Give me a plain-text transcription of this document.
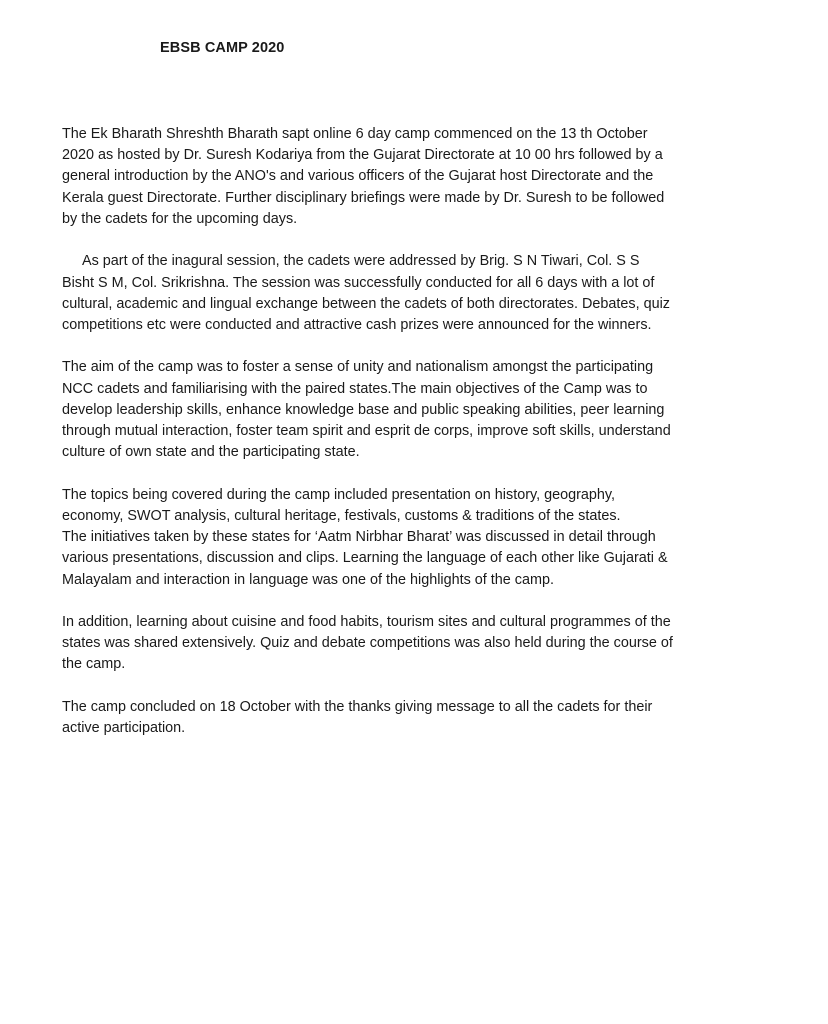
EBSB CAMP 2020

The Ek Bharath Shreshth Bharath sapt online 6 day camp commenced on the 13 th October
2020 as hosted by Dr. Suresh Kodariya from the Gujarat Directorate at 10 00 hrs followed by a
general introduction by the ANO's and various officers of the Gujarat host Directorate and the
Kerala guest Directorate. Further disciplinary briefings were made by Dr. Suresh to be followed
by the cadets for the upcoming days.

As part of the inagural session, the cadets were addressed by Brig. S N Tiwari, Col. S S
Bisht S M, Col. Srikrishna. The session was successfully conducted for all 6 days with a lot of
cultural, academic and lingual exchange between the cadets of both directorates. Debates, quiz
competitions etc were conducted and attractive cash prizes were announced for the winners.

The aim of the camp was to foster a sense of unity and nationalism amongst the participating
NCC cadets and familiarising with the paired states.The main objectives of the Camp was to
develop leadership skills, enhance knowledge base and public speaking abilities, peer learning
through mutual interaction, foster team spirit and esprit de corps, improve soft skills, understand
culture of own state and the participating state.

The topics being covered during the camp included presentation on history, geography,
economy, SWOT analysis, cultural heritage, festivals, customs & traditions of the states.
The initiatives taken by these states for ‘Aatm Nirbhar Bharat’ was discussed in detail through
various presentations, discussion and clips. Learning the language of each other like Gujarati &
Malayalam and interaction in language was one of the highlights of the camp.

In addition, learning about cuisine and food habits, tourism sites and cultural programmes of the
states was shared extensively. Quiz and debate competitions was also held during the course of
the camp.

The camp concluded on 18 October with the thanks giving message to all the cadets for their
active participation.
